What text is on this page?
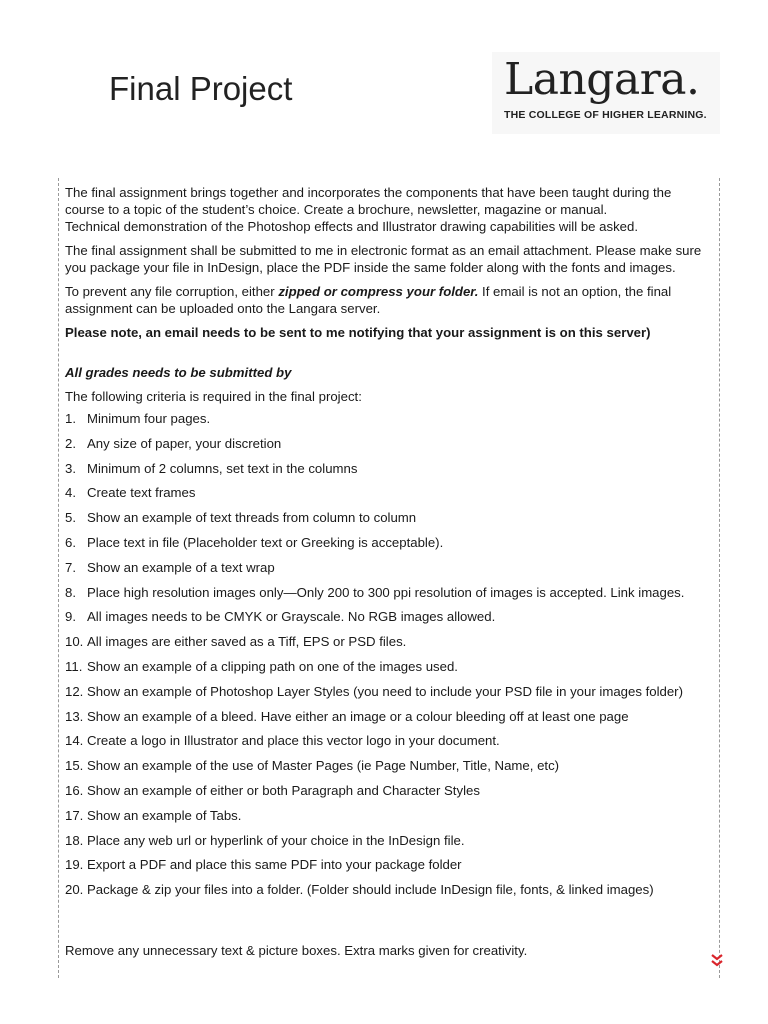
Final Project	Langara.
THE COLLEGE OF HIGHER LEARNING.

The final assignment brings together and incorporates the components that have been taught during the course to a topic of the student’s choice. Create a brochure, newsletter, magazine or manual.

Technical demonstration of the Photoshop effects and Illustrator drawing capabilities will be asked.

The final assignment shall be submitted to me in electronic format as an email attachment. Please make sure you package your file in InDesign, place the PDF inside the same folder along with the fonts and images.

To prevent any file corruption, either zipped or compress your folder. If email is not an option, the final assignment can be uploaded onto the Langara server.

Please note, an email needs to be sent to me notifying that your assignment is on this server)

All grades needs to be submitted by

The following criteria is required in the final project:

1. Minimum four pages.
2. Any size of paper, your discretion
3. Minimum of 2 columns, set text in the columns
4. Create text frames
5. Show an example of text threads from column to column
6. Place text in file (Placeholder text or Greeking is acceptable).
7. Show an example of a text wrap
8. Place high resolution images only—Only 200 to 300 ppi resolution of images is accepted. Link images.
9. All images needs to be CMYK or Grayscale. No RGB images allowed.
10. All images are either saved as a Tiff, EPS or PSD files.
11. Show an example of a clipping path on one of the images used.
12. Show an example of Photoshop Layer Styles (you need to include your PSD file in your images folder)
13. Show an example of a bleed. Have either an image or a colour bleeding off at least one page
14. Create a logo in Illustrator and place this vector logo in your document.
15. Show an example of the use of Master Pages (ie Page Number, Title, Name, etc)
16. Show an example of either or both Paragraph and Character Styles
17. Show an example of Tabs.
18. Place any web url or hyperlink of your choice in the InDesign file.
19. Export a PDF and place this same PDF into your package folder
20. Package & zip your files into a folder. (Folder should include InDesign file, fonts, & linked images)
Remove any unnecessary text & picture boxes. Extra marks given for creativity.
